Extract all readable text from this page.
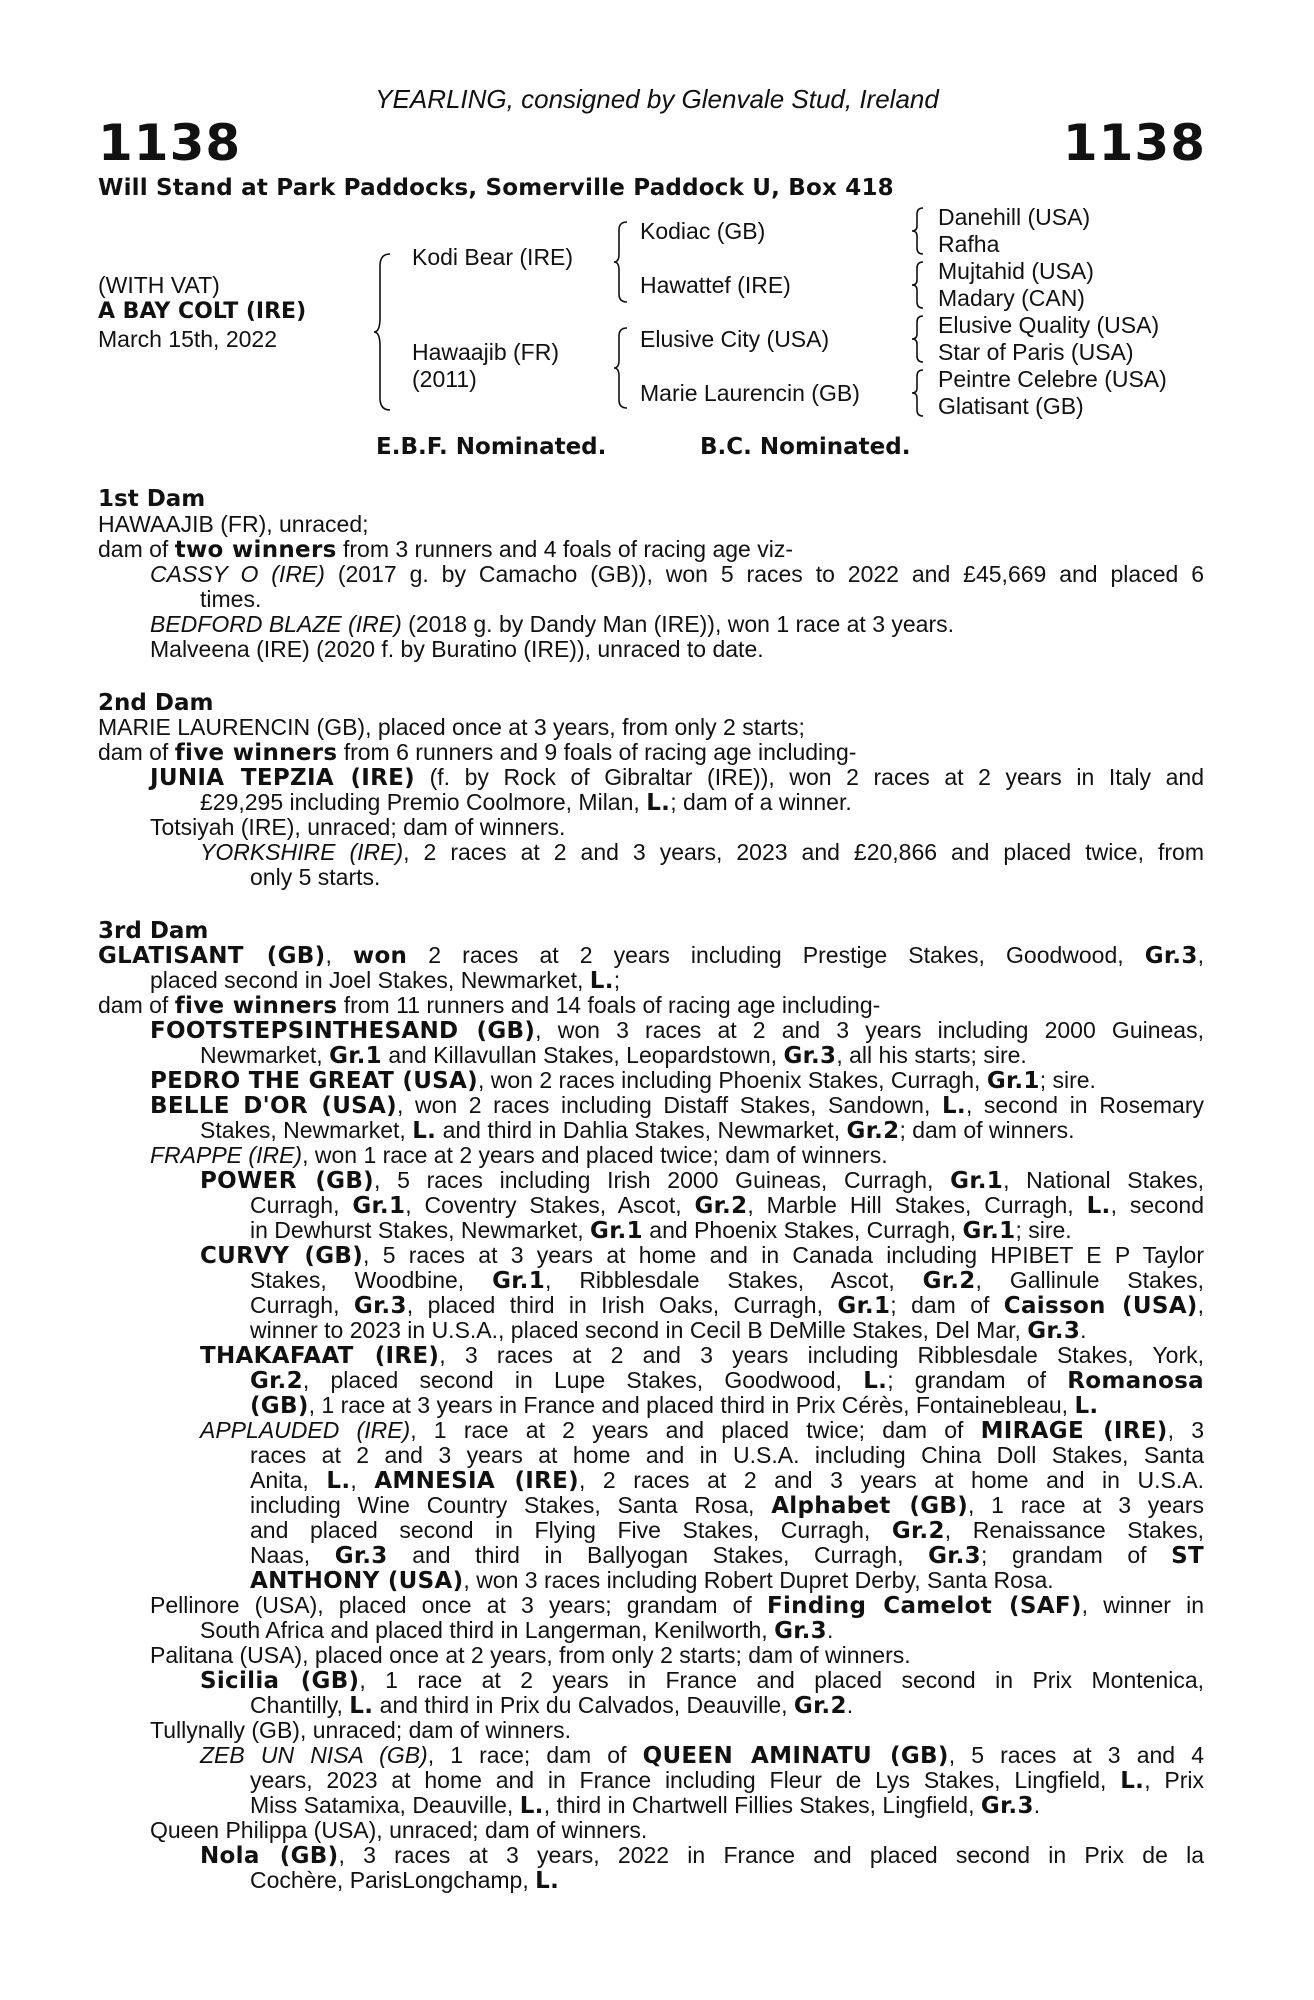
YEARLING, consigned by Glenvale Stud, Ireland
1138	1138
Will Stand at Park Paddocks, Somerville Paddock U, Box 418
(WITH VAT)
A BAY COLT (IRE)
March 15th, 2022
Kodi Bear (IRE)
Hawaajib (FR)
(2011)
Kodiac (GB)
Hawattef (IRE)
Elusive City (USA)
Marie Laurencin (GB)
Danehill (USA)
Rafha
Mujtahid (USA)
Madary (CAN)
Elusive Quality (USA)
Star of Paris (USA)
Peintre Celebre (USA)
Glatisant (GB)
E.B.F. Nominated.	B.C. Nominated.
1st Dam
HAWAAJIB (FR), unraced;
dam of two winners from 3 runners and 4 foals of racing age viz-
CASSY O (IRE) (2017 g. by Camacho (GB)), won 5 races to 2022 and £45,669 and placed 6
times.
BEDFORD BLAZE (IRE) (2018 g. by Dandy Man (IRE)), won 1 race at 3 years.
Malveena (IRE) (2020 f. by Buratino (IRE)), unraced to date.
2nd Dam
MARIE LAURENCIN (GB), placed once at 3 years, from only 2 starts;
dam of five winners from 6 runners and 9 foals of racing age including-
JUNIA TEPZIA (IRE) (f. by Rock of Gibraltar (IRE)), won 2 races at 2 years in Italy and
£29,295 including Premio Coolmore, Milan, L.; dam of a winner.
Totsiyah (IRE), unraced; dam of winners.
YORKSHIRE (IRE), 2 races at 2 and 3 years, 2023 and £20,866 and placed twice, from
only 5 starts.
3rd Dam
GLATISANT (GB), won 2 races at 2 years including Prestige Stakes, Goodwood, Gr.3,
placed second in Joel Stakes, Newmarket, L.;
dam of five winners from 11 runners and 14 foals of racing age including-
FOOTSTEPSINTHESAND (GB), won 3 races at 2 and 3 years including 2000 Guineas,
Newmarket, Gr.1 and Killavullan Stakes, Leopardstown, Gr.3, all his starts; sire.
PEDRO THE GREAT (USA), won 2 races including Phoenix Stakes, Curragh, Gr.1; sire.
BELLE D'OR (USA), won 2 races including Distaff Stakes, Sandown, L., second in Rosemary
Stakes, Newmarket, L. and third in Dahlia Stakes, Newmarket, Gr.2; dam of winners.
FRAPPE (IRE), won 1 race at 2 years and placed twice; dam of winners.
POWER (GB), 5 races including Irish 2000 Guineas, Curragh, Gr.1, National Stakes,
Curragh, Gr.1, Coventry Stakes, Ascot, Gr.2, Marble Hill Stakes, Curragh, L., second
in Dewhurst Stakes, Newmarket, Gr.1 and Phoenix Stakes, Curragh, Gr.1; sire.
CURVY (GB), 5 races at 3 years at home and in Canada including HPIBET E P Taylor
Stakes, Woodbine, Gr.1, Ribblesdale Stakes, Ascot, Gr.2, Gallinule Stakes,
Curragh, Gr.3, placed third in Irish Oaks, Curragh, Gr.1; dam of Caisson (USA),
winner to 2023 in U.S.A., placed second in Cecil B DeMille Stakes, Del Mar, Gr.3.
THAKAFAAT (IRE), 3 races at 2 and 3 years including Ribblesdale Stakes, York,
Gr.2, placed second in Lupe Stakes, Goodwood, L.; grandam of Romanosa
(GB), 1 race at 3 years in France and placed third in Prix Cérès, Fontainebleau, L.
APPLAUDED (IRE), 1 race at 2 years and placed twice; dam of MIRAGE (IRE), 3
races at 2 and 3 years at home and in U.S.A. including China Doll Stakes, Santa
Anita, L., AMNESIA (IRE), 2 races at 2 and 3 years at home and in U.S.A.
including Wine Country Stakes, Santa Rosa, Alphabet (GB), 1 race at 3 years
and placed second in Flying Five Stakes, Curragh, Gr.2, Renaissance Stakes,
Naas, Gr.3 and third in Ballyogan Stakes, Curragh, Gr.3; grandam of ST
ANTHONY (USA), won 3 races including Robert Dupret Derby, Santa Rosa.
Pellinore (USA), placed once at 3 years; grandam of Finding Camelot (SAF), winner in
South Africa and placed third in Langerman, Kenilworth, Gr.3.
Palitana (USA), placed once at 2 years, from only 2 starts; dam of winners.
Sicilia (GB), 1 race at 2 years in France and placed second in Prix Montenica,
Chantilly, L. and third in Prix du Calvados, Deauville, Gr.2.
Tullynally (GB), unraced; dam of winners.
ZEB UN NISA (GB), 1 race; dam of QUEEN AMINATU (GB), 5 races at 3 and 4
years, 2023 at home and in France including Fleur de Lys Stakes, Lingfield, L., Prix
Miss Satamixa, Deauville, L., third in Chartwell Fillies Stakes, Lingfield, Gr.3.
Queen Philippa (USA), unraced; dam of winners.
Nola (GB), 3 races at 3 years, 2022 in France and placed second in Prix de la
Cochère, ParisLongchamp, L.
